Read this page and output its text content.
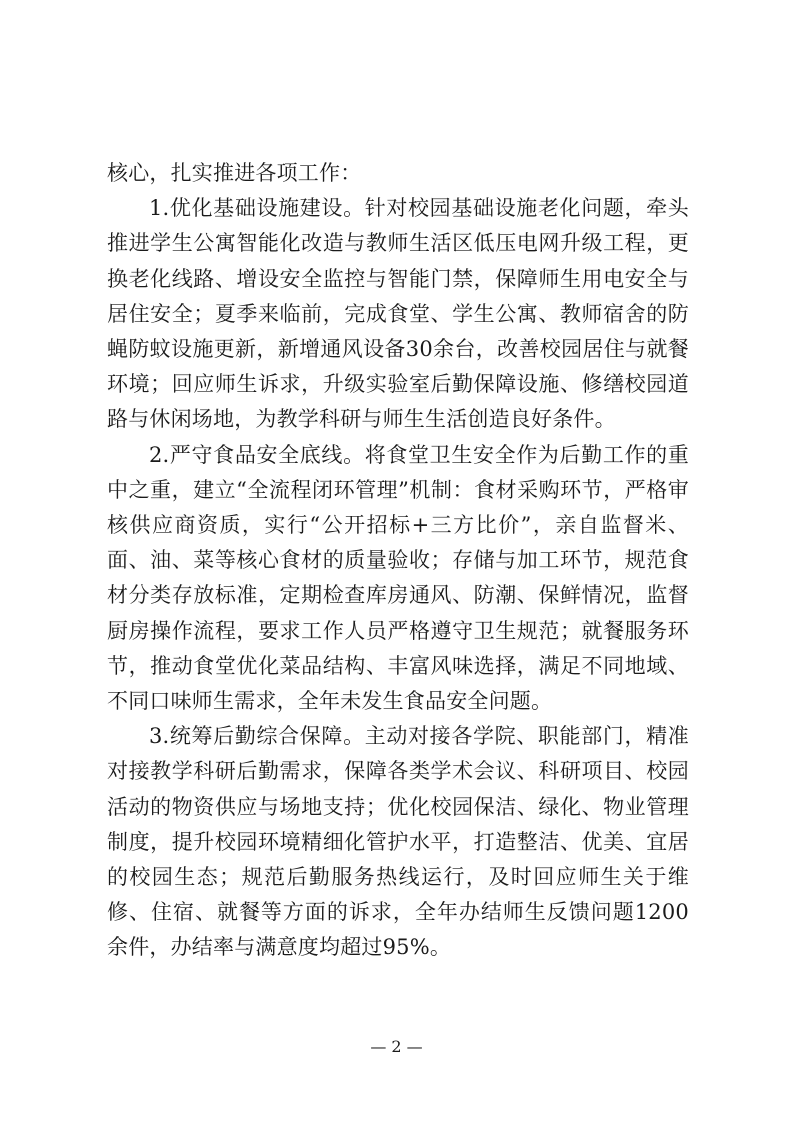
核心，扎实推进各项工作：

1.优化基础设施建设。针对校园基础设施老化问题，牵头推进学生公寓智能化改造与教师生活区低压电网升级工程，更换老化线路、增设安全监控与智能门禁，保障师生用电安全与居住安全；夏季来临前，完成食堂、学生公寓、教师宿舍的防蝇防蚊设施更新，新增通风设备30余台，改善校园居住与就餐环境；回应师生诉求，升级实验室后勤保障设施、修缮校园道路与休闲场地，为教学科研与师生生活创造良好条件。

2.严守食品安全底线。将食堂卫生安全作为后勤工作的重中之重，建立“全流程闭环管理”机制：食材采购环节，严格审核供应商资质，实行“公开招标+三方比价”，亲自监督米、面、油、菜等核心食材的质量验收；存储与加工环节，规范食材分类存放标准，定期检查库房通风、防潮、保鲜情况，监督厨房操作流程，要求工作人员严格遵守卫生规范；就餐服务环节，推动食堂优化菜品结构、丰富风味选择，满足不同地域、不同口味师生需求，全年未发生食品安全问题。

3.统筹后勤综合保障。主动对接各学院、职能部门，精准对接教学科研后勤需求，保障各类学术会议、科研项目、校园活动的物资供应与场地支持；优化校园保洁、绿化、物业管理制度，提升校园环境精细化管护水平，打造整洁、优美、宜居的校园生态；规范后勤服务热线运行，及时回应师生关于维修、住宿、就餐等方面的诉求，全年办结师生反馈问题1200余件，办结率与满意度均超过95%。

— 2 —
